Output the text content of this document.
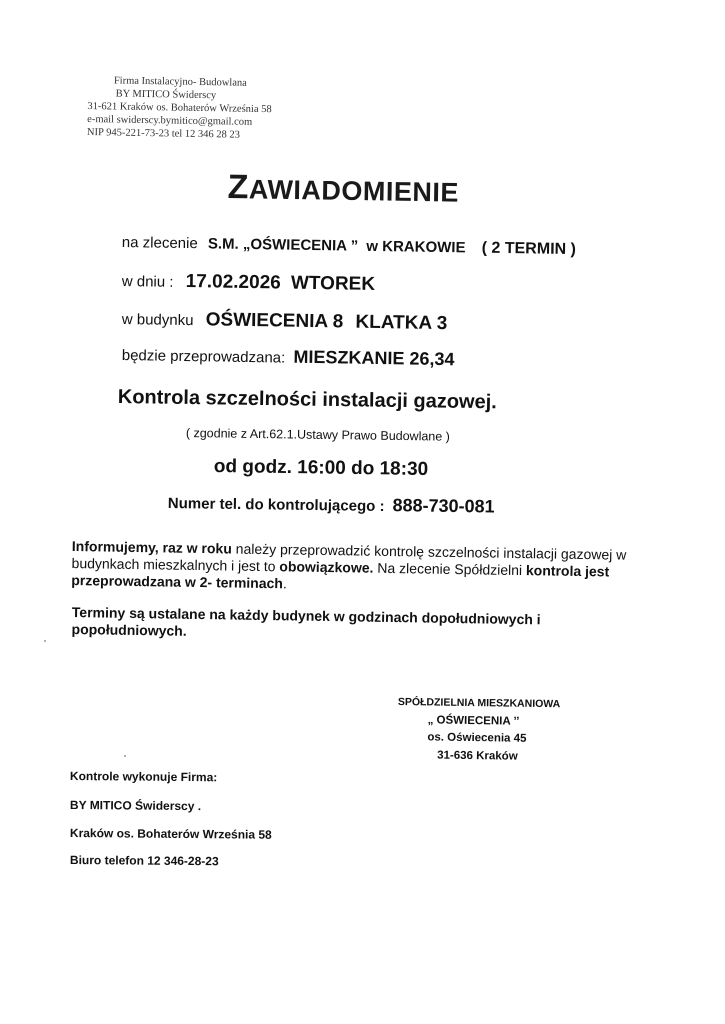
Firma Instalacyjno- Budowlana
BY MITICO Świderscy
31-621 Kraków os. Bohaterów Września 58
e-mail swiderscy.bymitico@gmail.com
NIP 945-221-73-23 tel 12 346 28 23
ZAWIADOMIENIE
na zlecenie S.M. „OŚWIECENIA ” w KRAKOWIE ( 2 TERMIN )
w dniu : 17.02.2026 WTOREK
w budynku OŚWIECENIA 8 KLATKA 3
będzie przeprowadzana: MIESZKANIE 26,34
Kontrola szczelności instalacji gazowej.
( zgodnie z Art.62.1.Ustawy Prawo Budowlane )
od godz. 16:00 do 18:30
Numer tel. do kontrolującego : 888-730-081

Informujemy, raz w roku należy przeprowadzić kontrolę szczelności instalacji gazowej w budynkach mieszkalnych i jest to obowiązkowe. Na zlecenie Spółdzielni kontrola jest przeprowadzana w 2- terminach.

Terminy są ustalane na każdy budynek w godzinach dopołudniowych i popołudniowych.

SPÓŁDZIELNIA MIESZKANIOWA
„ OŚWIECENIA ’’
os. Oświecenia 45
31-636 Kraków
Kontrole wykonuje Firma:
BY MITICO Świderscy .
Kraków os. Bohaterów Września 58
Biuro telefon 12 346-28-23
